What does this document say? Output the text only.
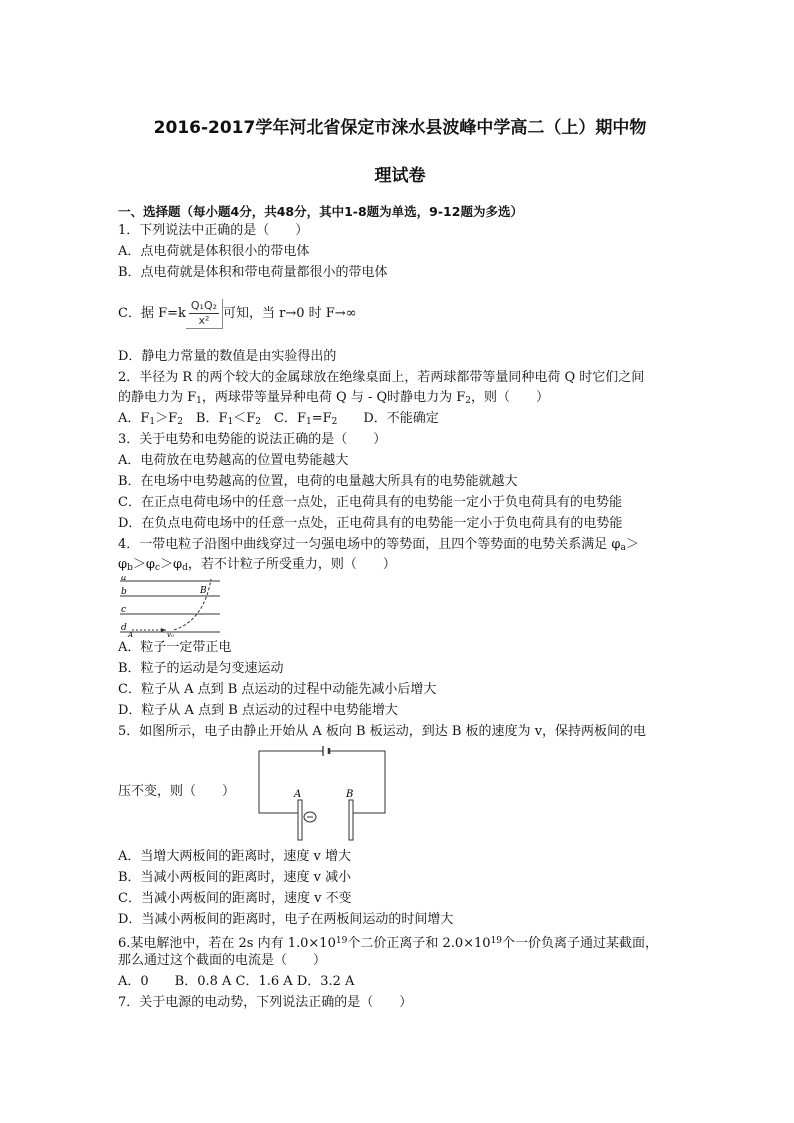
2016-2017学年河北省保定市涞水县波峰中学高二（上）期中物
理试卷
一、选择题（每小题4分，共48分，其中1-8题为单选，9-12题为多选）
1．下列说法中正确的是（　　）
A．点电荷就是体积很小的带电体
B．点电荷就是体积和带电荷量都很小的带电体
C．据 $F=k \frac{\text{Q₁Q₂}}{\text{x²}}$ 可知，当 r→0 时 F→∞
D．静电力常量的数值是由实验得出的
2．半径为 R 的两个较大的金属球放在绝缘桌面上，若两球都带等量同种电荷 Q 时它们之间
的静电力为 $F_1$，两球带等量异种电荷 Q 与 - Q时静电力为 $F_2$，则（　　）
A．$F_1>F_2$　B．$F_1<F_2$　C．$F_1=F_2$　　D．不能确定
3．关于电势和电势能的说法正确的是（　　）
A．电荷放在电势越高的位置电势能越大
B．在电场中电势越高的位置，电荷的电量越大所具有的电势能就越大
C．在正点电荷电场中的任意一点处，正电荷具有的电势能一定小于负电荷具有的电势能
D．在负点电荷电场中的任意一点处，正电荷具有的电势能一定小于负电荷具有的电势能
4．一带电粒子沿图中曲线穿过一匀强电场中的等势面，且四个等势面的电势关系满足 $\varphi_a>$
$\varphi_b>\varphi_c>\varphi_d$，若不计粒子所受重力，则（　　）
a
b
c
d
B
A	v₀
A．粒子一定带正电
B．粒子的运动是匀变速运动
C．粒子从 A 点到 B 点运动的过程中动能先减小后增大
D．粒子从 A 点到 B 点运动的过程中电势能增大
5．如图所示，电子由静止开始从 A 板向 B 板运动，到达 B 板的速度为 v，保持两板间的电
压不变，则（　　）	A	B
A．当增大两板间的距离时，速度 v 增大
B．当减小两板间的距离时，速度 v 减小
C．当减小两板间的距离时，速度 v 不变
D．当减小两板间的距离时，电子在两板间运动的时间增大
6.某电解池中，若在 2s 内有 $1.0\times 10^{19}$个二价正离子和 $2.0\times 10^{19}$个一价负离子通过某截面，
那么通过这个截面的电流是（　　）
A．0　　B．0.8 A C．1.6 A D．3.2 A
7．关于电源的电动势，下列说法正确的是（　　）
